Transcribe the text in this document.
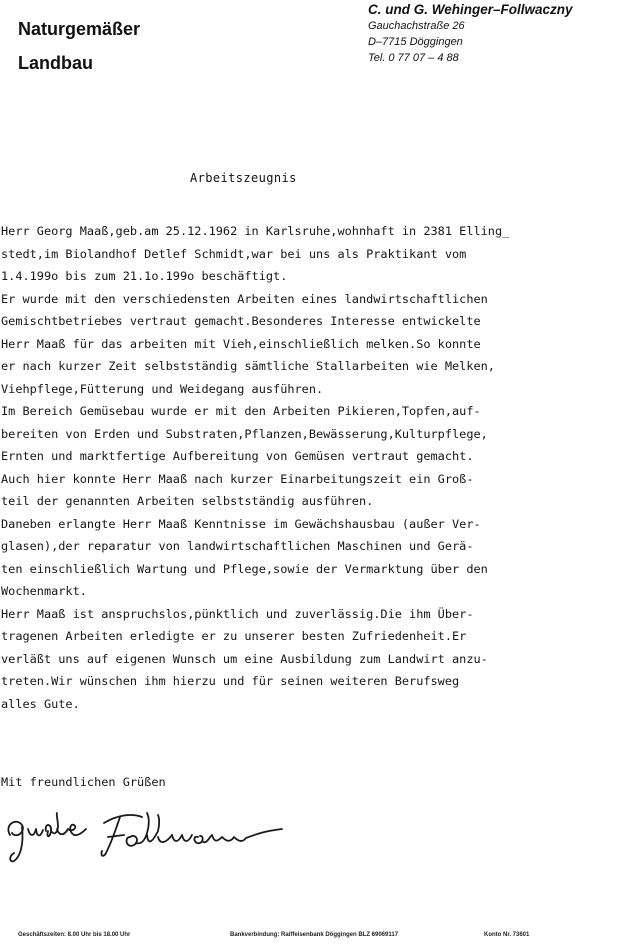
Naturgemäßer
Landbau
C. und G. Wehinger–Follwaczny
Gauchachstraße 26
D–7715 Döggingen
Tel. 0 77 07 – 4 88
Arbeitszeugnis
Herr Georg Maaß,geb.am 25.12.1962 in Karlsruhe,wohnhaft in 2381 Elling_
stedt,im Biolandhof Detlef Schmidt,war bei uns als Praktikant vom
1.4.199o bis zum 21.1o.199o beschäftigt.
Er wurde mit den verschiedensten Arbeiten eines landwirtschaftlichen
Gemischtbetriebes vertraut gemacht.Besonderes Interesse entwickelte
Herr Maaß für das arbeiten mit Vieh,einschließlich melken.So konnte
er nach kurzer Zeit selbstständig sämtliche Stallarbeiten wie Melken,
Viehpflege,Fütterung und Weidegang ausführen.
Im Bereich Gemüsebau wurde er mit den Arbeiten Pikieren,Topfen,auf-
bereiten von Erden und Substraten,Pflanzen,Bewässerung,Kulturpflege,
Ernten und marktfertige Aufbereitung von Gemüsen vertraut gemacht.
Auch hier konnte Herr Maaß nach kurzer Einarbeitungszeit ein Groß-
teil der genannten Arbeiten selbstständig ausführen.
Daneben erlangte Herr Maaß Kenntnisse im Gewächshausbau (außer Ver-
glasen),der reparatur von landwirtschaftlichen Maschinen und Gerä-
ten einschließlich Wartung und Pflege,sowie der Vermarktung über den
Wochenmarkt.
Herr Maaß ist anspruchslos,pünktlich und zuverlässig.Die ihm Über-
tragenen Arbeiten erledigte er zu unserer besten Zufriedenheit.Er
verläßt uns auf eigenen Wunsch um eine Ausbildung zum Landwirt anzu-
treten.Wir wünschen ihm hierzu und für seinen weiteren Berufsweg
alles Gute.
Mit freundlichen Grüßen
Geschäftszeiten: 8.00 Uhr bis 18.00 Uhr	Bankverbindung: Raiffeisenbank Döggingen BLZ 69069117	Konto Nr. 73601
